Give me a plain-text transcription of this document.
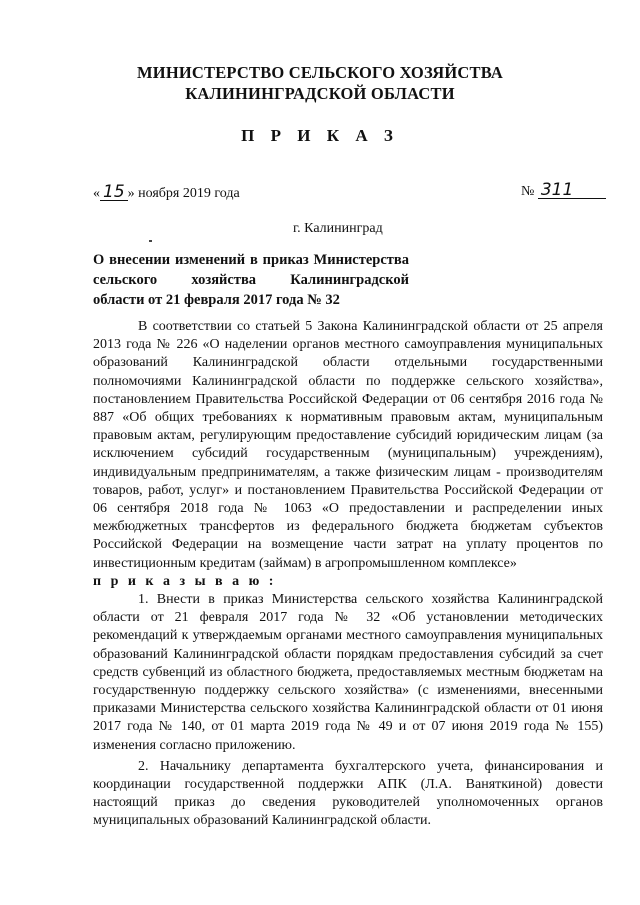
МИНИСТЕРСТВО СЕЛЬСКОГО ХОЗЯЙСТВА
КАЛИНИНГРАДСКОЙ ОБЛАСТИ
П Р И К А З
« 15 » ноября 2019 года	№ 311
г. Калининград
О внесении изменений в приказ Министерства
сельского хозяйства Калининградской
области от 21 февраля 2017 года № 32

В соответствии со статьей 5 Закона Калининградской области от 25 апреля 2013 года № 226 «О наделении органов местного самоуправления муниципальных образований Калининградской области отдельными государственными полномочиями Калининградской области по поддержке сельского хозяйства», постановлением Правительства Российской Федерации от 06 сентября 2016 года № 887 «Об общих требованиях к нормативным правовым актам, муниципальным правовым актам, регулирующим предоставление субсидий юридическим лицам (за исключением субсидий государственным (муниципальным) учреждениям), индивидуальным предпринимателям, а также физическим лицам - производителям товаров, работ, услуг» и постановлением Правительства Российской Федерации от 06 сентября 2018 года № 1063 «О предоставлении и распределении иных межбюджетных трансфертов из федерального бюджета бюджетам субъектов Российской Федерации на возмещение части затрат на уплату процентов по инвестиционным кредитам (займам) в агропромышленном комплексе»

п р и к а з ы в а ю :

1. Внести в приказ Министерства сельского хозяйства Калининградской области от 21 февраля 2017 года № 32 «Об установлении методических рекомендаций к утверждаемым органами местного самоуправления муниципальных образований Калининградской области порядкам предоставления субсидий за счет средств субвенций из областного бюджета, предоставляемых местным бюджетам на государственную поддержку сельского хозяйства» (с изменениями, внесенными приказами Министерства сельского хозяйства Калининградской области от 01 июня 2017 года № 140, от 01 марта 2019 года № 49 и от 07 июня 2019 года № 155) изменения согласно приложению.

2. Начальнику департамента бухгалтерского учета, финансирования и координации государственной поддержки АПК (Л.А. Ваняткиной) довести настоящий приказ до сведения руководителей уполномоченных органов муниципальных образований Калининградской области.
